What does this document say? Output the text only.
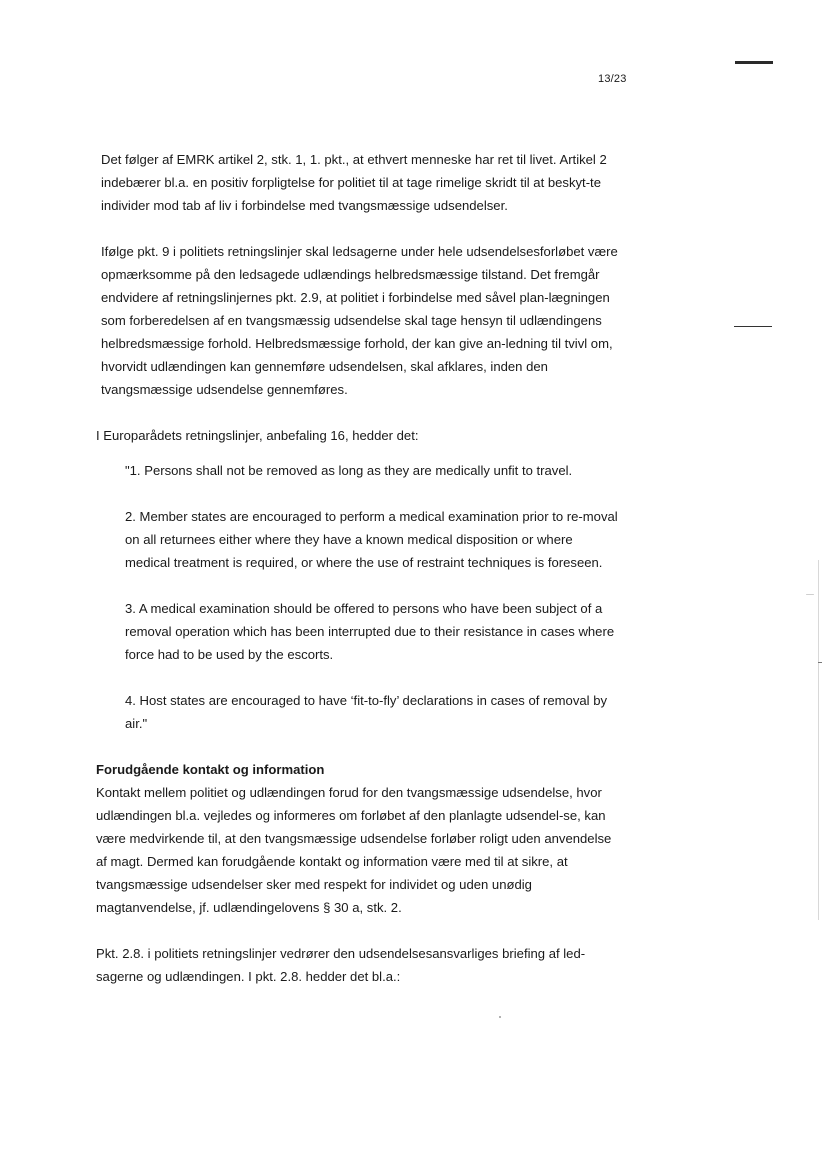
13/23

Det følger af EMRK artikel 2, stk. 1, 1. pkt., at ethvert menneske har ret til livet. Artikel 2 indebærer bl.a. en positiv forpligtelse for politiet til at tage rimelige skridt til at beskyt-te individer mod tab af liv i forbindelse med tvangsmæssige udsendelser.

Ifølge pkt. 9 i politiets retningslinjer skal ledsagerne under hele udsendelsesforløbet være opmærksomme på den ledsagede udlændings helbredsmæssige tilstand. Det fremgår endvidere af retningslinjernes pkt. 2.9, at politiet i forbindelse med såvel plan-lægningen som forberedelsen af en tvangsmæssig udsendelse skal tage hensyn til udlændingens helbredsmæssige forhold. Helbredsmæssige forhold, der kan give an-ledning til tvivl om, hvorvidt udlændingen kan gennemføre udsendelsen, skal afklares, inden den tvangsmæssige udsendelse gennemføres.

I Europarådets retningslinjer, anbefaling 16, hedder det:

"1. Persons shall not be removed as long as they are medically unfit to travel.

2. Member states are encouraged to perform a medical examination prior to re-moval on all returnees either where they have a known medical disposition or where medical treatment is required, or where the use of restraint techniques is foreseen.

3. A medical examination should be offered to persons who have been subject of a removal operation which has been interrupted due to their resistance in cases where force had to be used by the escorts.

4. Host states are encouraged to have ‘fit-to-fly’ declarations in cases of removal by air."

Forudgående kontakt og information

Kontakt mellem politiet og udlændingen forud for den tvangsmæssige udsendelse, hvor udlændingen bl.a. vejledes og informeres om forløbet af den planlagte udsendel-se, kan være medvirkende til, at den tvangsmæssige udsendelse forløber roligt uden anvendelse af magt. Dermed kan forudgående kontakt og information være med til at sikre, at tvangsmæssige udsendelser sker med respekt for individet og uden unødig magtanvendelse, jf. udlændingelovens § 30 a, stk. 2.

Pkt. 2.8. i politiets retningslinjer vedrører den udsendelsesansvarliges briefing af led-sagerne og udlændingen. I pkt. 2.8. hedder det bl.a.:
